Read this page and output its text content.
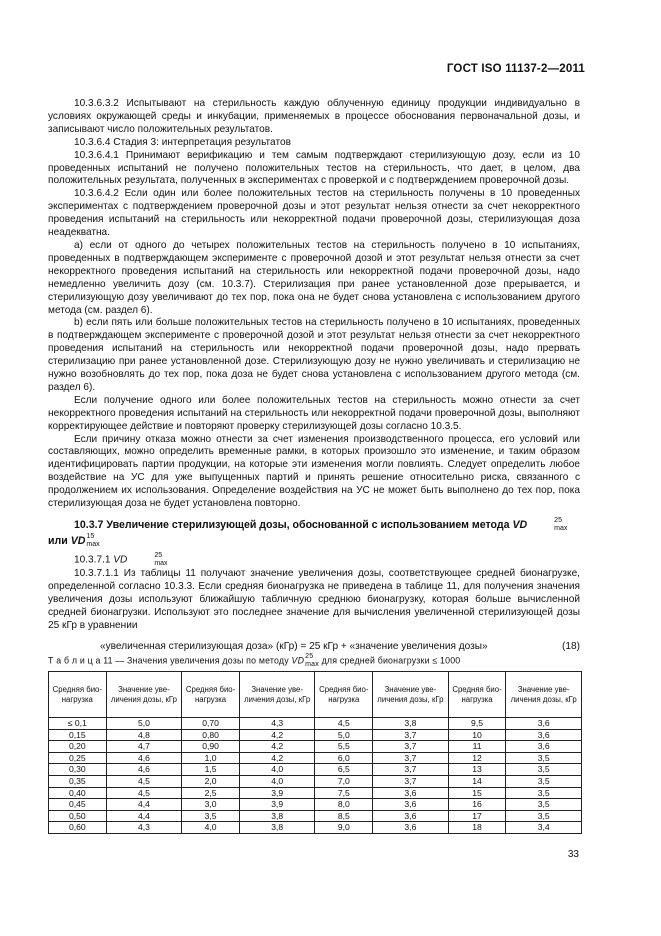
ГОСТ ISO 11137-2—2011

10.3.6.3.2 Испытывают на стерильность каждую облученную единицу продукции индивидуально в условиях окружающей среды и инкубации, применяемых в процессе обоснования первоначальной дозы, и записывают число положительных результатов.

10.3.6.4 Стадия 3: интерпретация результатов

10.3.6.4.1 Принимают верификацию и тем самым подтверждают стерилизующую дозу, если из 10 проведенных испытаний не получено положительных тестов на стерильность, что дает, в целом, два положительных результата, полученных в экспериментах с проверкой и с подтверждением проверочной дозы.

10.3.6.4.2 Если один или более положительных тестов на стерильность получены в 10 проведенных экспериментах с подтверждением проверочной дозы и этот результат нельзя отнести за счет некорректного проведения испытаний на стерильность или некорректной подачи проверочной дозы, стерилизующая доза неадекватна.

а) если от одного до четырех положительных тестов на стерильность получено в 10 испытаниях, проведенных в подтверждающем эксперименте с проверочной дозой и этот результат нельзя отнести за счет некорректного проведения испытаний на стерильность или некорректной подачи проверочной дозы, надо немедленно увеличить дозу (см. 10.3.7). Стерилизация при ранее установленной дозе прерывается, и стерилизующую дозу увеличивают до тех пор, пока она не будет снова установлена с использованием другого метода (см. раздел 6).

b) если пять или больше положительных тестов на стерильность получено в 10 испытаниях, проведенных в подтверждающем эксперименте с проверочной дозой и этот результат нельзя отнести за счет некорректного проведения испытаний на стерильность или некорректной подачи проверочной дозы, надо прервать стерилизацию при ранее установленной дозе. Стерилизующую дозу не нужно увеличивать и стерилизацию не нужно возобновлять до тех пор, пока доза не будет снова установлена с использованием другого метода (см. раздел 6).

Если получение одного или более положительных тестов на стерильность можно отнести за счет некорректного проведения испытаний на стерильность или некорректной подачи проверочной дозы, выполняют корректирующее действие и повторяют проверку стерилизующей дозы согласно 10.3.5.

Если причину отказа можно отнести за счет изменения производственного процесса, его условий или составляющих, можно определить временные рамки, в которых произошло это изменение, и таким образом идентифицировать партии продукции, на которые эти изменения могли повлиять. Следует определить любое воздействие на УС для уже выпущенных партий и принять решение относительно риска, связанного с продолжением их использования. Определение воздействия на УС не может быть выполнено до тех пор, пока стерилизующая доза не будет установлена повторно.

10.3.7 Увеличение стерилизующей дозы, обоснованной с использованием метода VD	25
max

или VD 15
max

10.3.7.1 VD	25
max

10.3.7.1.1 Из таблицы 11 получают значение увеличения дозы, соответствующее средней бионагрузке, определенной согласно 10.3.3. Если средняя бионагрузка не приведена в таблице 11, для получения значения увеличения дозы используют ближайшую табличную среднюю бионагрузку, которая больше вычисленной средней бионагрузки. Используют это последнее значение для вычисления увеличенной стерилизующей дозы 25 кГр в уравнении

«увеличенная стерилизующая доза» (кГр) = 25 кГр + «значение увеличения дозы»	(18)

Т а б л и ц а 11 — Значения увеличения дозы по методу VD 25
max для средней бионагрузки ≤ 1000
Средняя био-нагрузка	Значение уве-личения дозы, кГр	Средняя био-нагрузка	Значение уве-личения дозы, кГр	Средняя био-нагрузка	Значение уве-личения дозы, кГр	Средняя био-нагрузка	Значение уве-личения дозы, кГр
≤ 0,1	5,0	0,70	4,3	4,5	3,8	9,5	3,6
0,15	4,8	0,80	4,2	5,0	3,7	10	3,6
0,20	4,7	0,90	4,2	5,5	3,7	11	3,6
0,25	4,6	1,0	4,2	6,0	3,7	12	3,5
0,30	4,6	1,5	4,0	6,5	3,7	13	3,5
0,35	4,5	2,0	4,0	7,0	3,7	14	3,5
0,40	4,5	2,5	3,9	7,5	3,6	15	3,5
0,45	4,4	3,0	3,9	8,0	3,6	16	3,5
0,50	4,4	3,5	3,8	8,5	3,6	17	3,5
0,60	4,3	4,0	3,8	9,0	3,6	18	3,4
33
